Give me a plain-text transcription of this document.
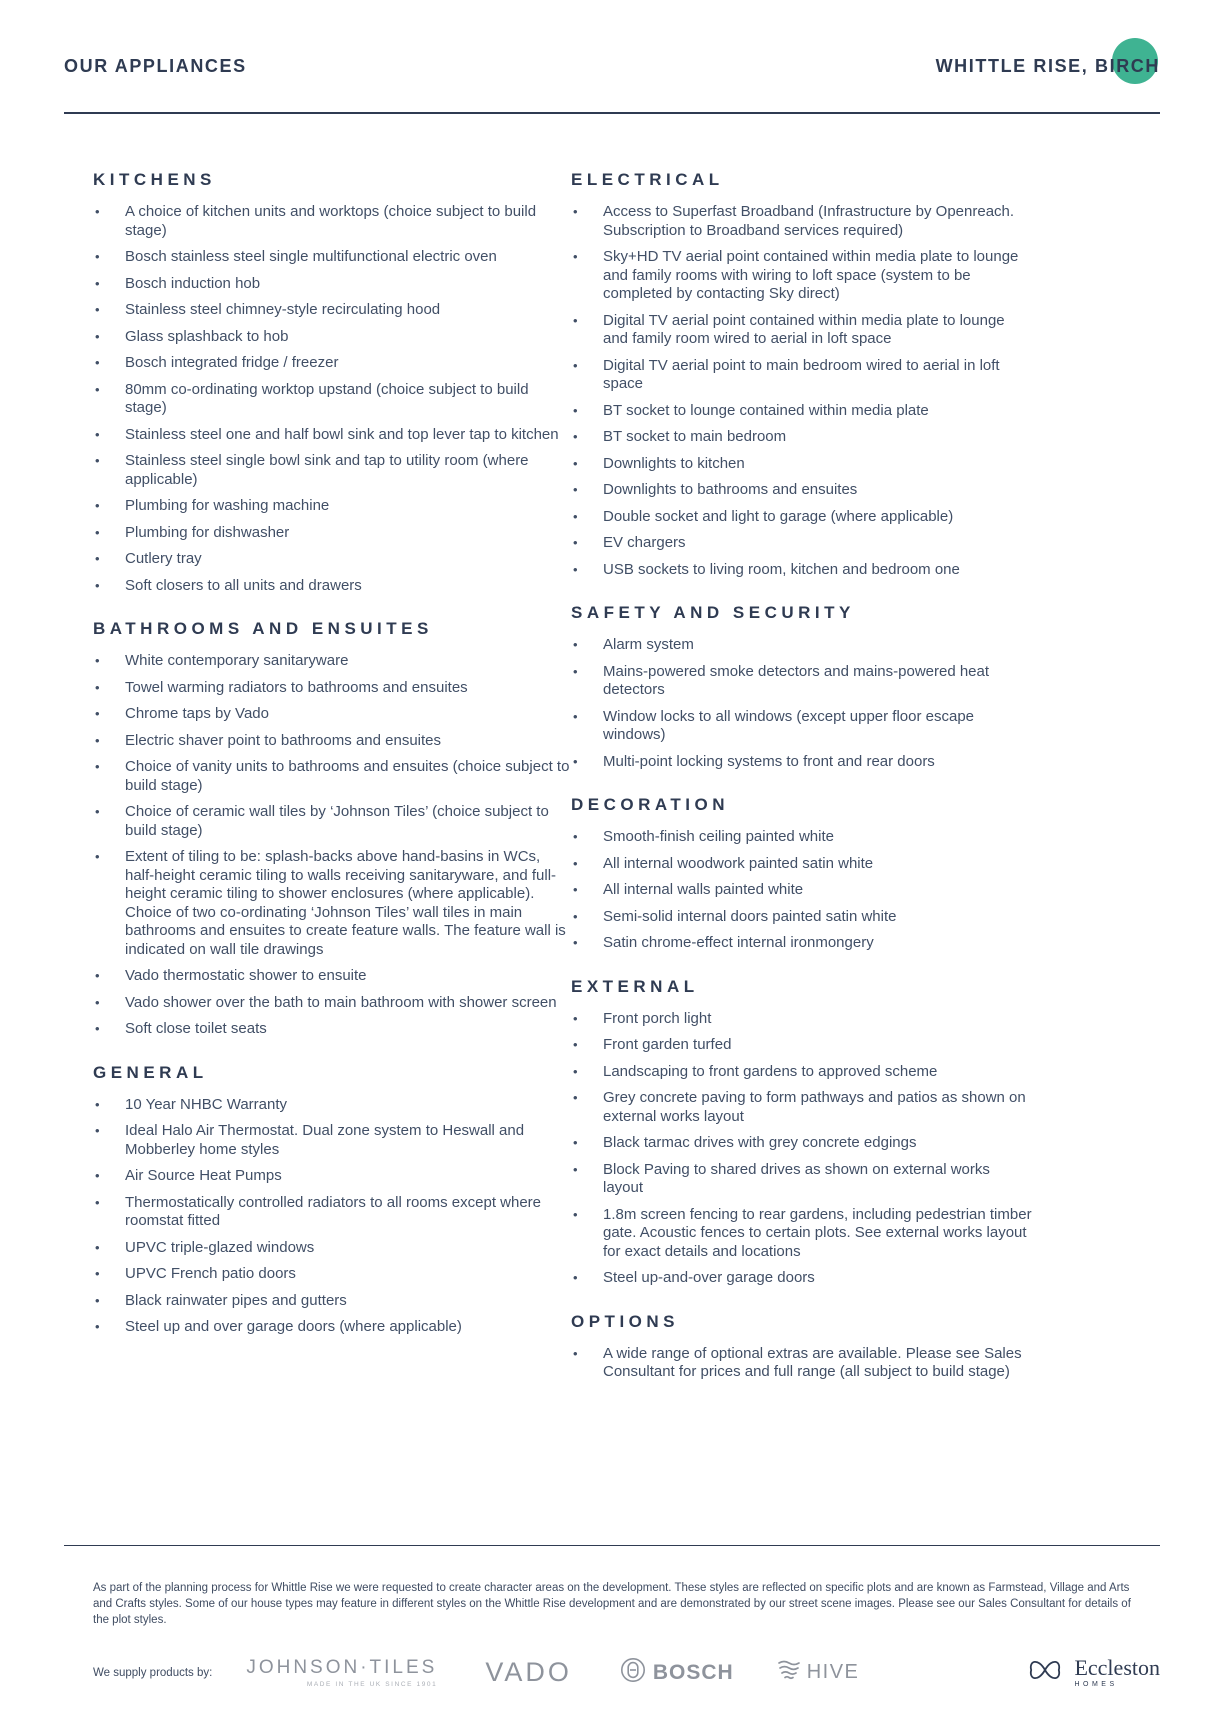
OUR APPLIANCES	WHITTLE RISE, BIRCH
KITCHENS
• A choice of kitchen units and worktops (choice subject to build stage)
• Bosch stainless steel single multifunctional electric oven
• Bosch induction hob
• Stainless steel chimney-style recirculating hood
• Glass splashback to hob
• Bosch integrated fridge / freezer
• 80mm co-ordinating worktop upstand (choice subject to build stage)
• Stainless steel one and half bowl sink and top lever tap to kitchen
• Stainless steel single bowl sink and tap to utility room (where applicable)
• Plumbing for washing machine
• Plumbing for dishwasher
• Cutlery tray
• Soft closers to all units and drawers
BATHROOMS AND ENSUITES
• White contemporary sanitaryware
• Towel warming radiators to bathrooms and ensuites
• Chrome taps by Vado
• Electric shaver point to bathrooms and ensuites
• Choice of vanity units to bathrooms and ensuites (choice subject to build stage)
• Choice of ceramic wall tiles by ‘Johnson Tiles’ (choice subject to build stage)
• Extent of tiling to be: splash-backs above hand-basins in WCs, half-height ceramic tiling to walls receiving sanitaryware, and full-height ceramic tiling to shower enclosures (where applicable). Choice of two co-ordinating ‘Johnson Tiles’ wall tiles in main bathrooms and ensuites to create feature walls. The feature wall is indicated on wall tile drawings
• Vado thermostatic shower to ensuite
• Vado shower over the bath to main bathroom with shower screen
• Soft close toilet seats
GENERAL
• 10 Year NHBC Warranty
• Ideal Halo Air Thermostat. Dual zone system to Heswall and Mobberley home styles
• Air Source Heat Pumps
• Thermostatically controlled radiators to all rooms except where roomstat fitted
• UPVC triple-glazed windows
• UPVC French patio doors
• Black rainwater pipes and gutters
• Steel up and over garage doors (where applicable)
ELECTRICAL
• Access to Superfast Broadband (Infrastructure by Openreach. Subscription to Broadband services required)
• Sky+HD TV aerial point contained within media plate to lounge and family rooms with wiring to loft space (system to be completed by contacting Sky direct)
• Digital TV aerial point contained within media plate to lounge and family room wired to aerial in loft space
• Digital TV aerial point to main bedroom wired to aerial in loft space
• BT socket to lounge contained within media plate
• BT socket to main bedroom
• Downlights to kitchen
• Downlights to bathrooms and ensuites
• Double socket and light to garage (where applicable)
• EV chargers
• USB sockets to living room, kitchen and bedroom one
SAFETY AND SECURITY
• Alarm system
• Mains-powered smoke detectors and mains-powered heat detectors
• Window locks to all windows (except upper floor escape windows)
• Multi-point locking systems to front and rear doors
DECORATION
• Smooth-finish ceiling painted white
• All internal woodwork painted satin white
• All internal walls painted white
• Semi-solid internal doors painted satin white
• Satin chrome-effect internal ironmongery
EXTERNAL
• Front porch light
• Front garden turfed
• Landscaping to front gardens to approved scheme
• Grey concrete paving to form pathways and patios as shown on external works layout
• Black tarmac drives with grey concrete edgings
• Block Paving to shared drives as shown on external works layout
• 1.8m screen fencing to rear gardens, including pedestrian timber gate. Acoustic fences to certain plots. See external works layout for exact details and locations
• Steel up-and-over garage doors
OPTIONS
• A wide range of optional extras are available. Please see Sales Consultant for prices and full range (all subject to build stage)
As part of the planning process for Whittle Rise we were requested to create character areas on the development. These styles are reflected on specific plots and are known as Farmstead, Village and Arts and Crafts styles. Some of our house types may feature in different styles on the Whittle Rise development and are demonstrated by our street scene images. Please see our Sales Consultant for details of the plot styles.
We supply products by: JOHNSON·TILES
MADE IN THE UK SINCE 1901 VADO	BOSCH	HIVE	Eccleston
HOMES
